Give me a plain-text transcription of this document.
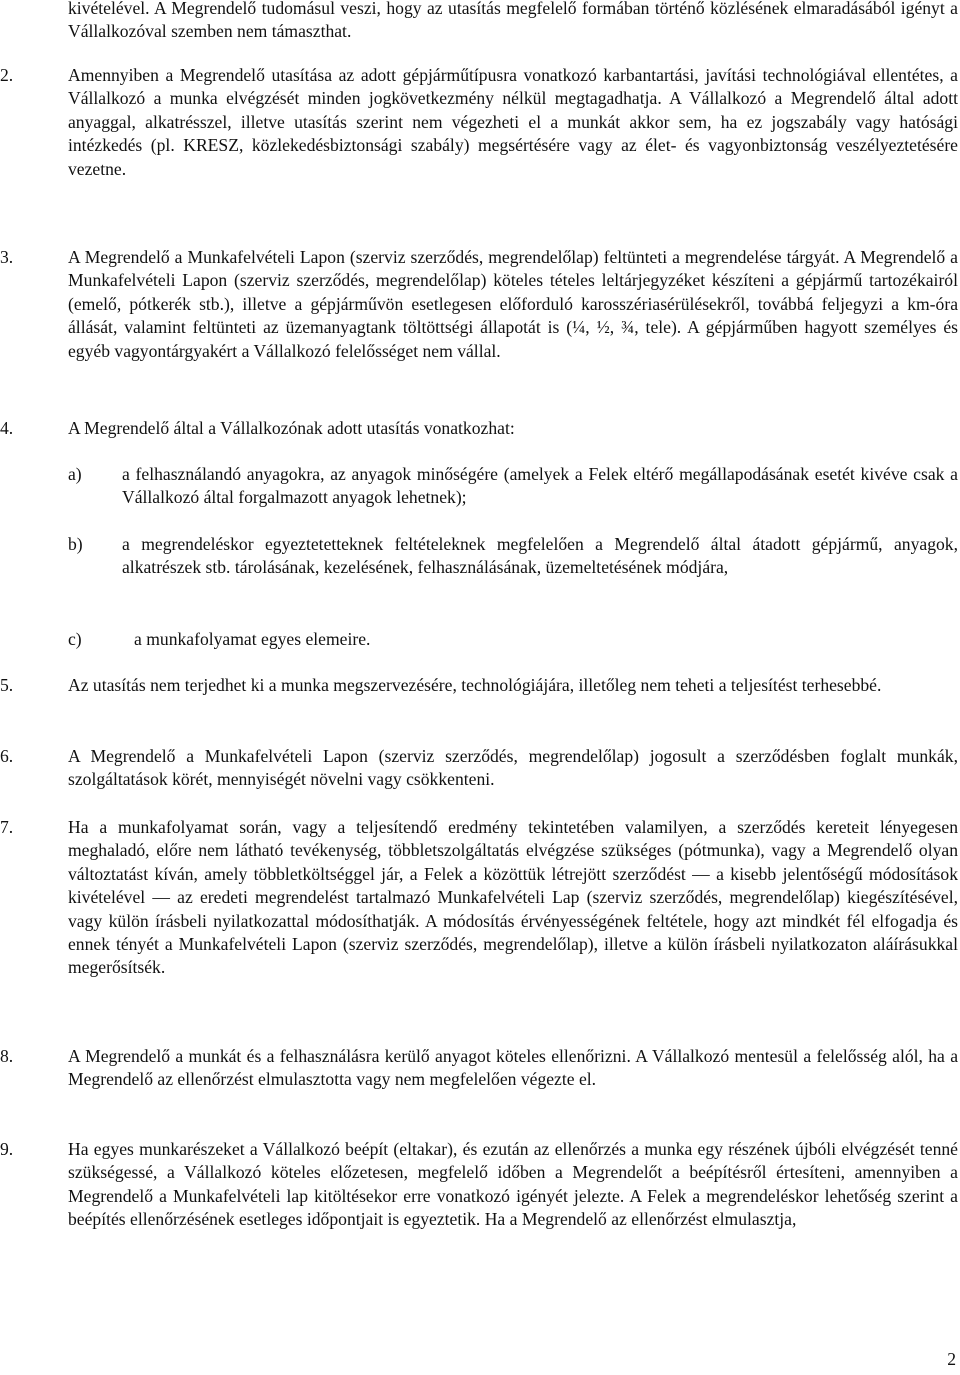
kivételével. A Megrendelő tudomásul veszi, hogy az utasítás megfelelő formában történő közlésének elmaradásából igényt a Vállalkozóval szemben nem támaszthat.
2.	Amennyiben a Megrendelő utasítása az adott gépjárműtípusra vonatkozó karbantartási, javítási technológiával ellentétes, a Vállalkozó a munka elvégzését minden jogkövetkezmény nélkül megtagadhatja. A Vállalkozó a Megrendelő által adott anyaggal, alkatrésszel, illetve utasítás szerint nem végezheti el a munkát akkor sem, ha ez jogszabály vagy hatósági intézkedés (pl. KRESZ, közlekedésbiztonsági szabály) megsértésére vagy az élet- és vagyonbiztonság veszélyeztetésére vezetne.
3.	A Megrendelő a Munkafelvételi Lapon (szerviz szerződés, megrendelőlap) feltünteti a megrendelése tárgyát. A Megrendelő a Munkafelvételi Lapon (szerviz szerződés, megrendelőlap) köteles tételes leltárjegyzéket készíteni a gépjármű tartozékairól (emelő, pótkerék stb.), illetve a gépjárművön esetlegesen előforduló karosszériasérülésekről, továbbá feljegyzi a km-óra állását, valamint feltünteti az üzemanyagtank töltöttségi állapotát is (¼, ½, ¾, tele). A gépjárműben hagyott személyes és egyéb vagyontárgyakért a Vállalkozó felelősséget nem vállal.
4.	A Megrendelő által a Vállalkozónak adott utasítás vonatkozhat:
a)	a felhasználandó anyagokra, az anyagok minőségére (amelyek a Felek eltérő megállapodásának esetét kivéve csak a Vállalkozó által forgalmazott anyagok lehetnek);
b)	a megrendeléskor egyeztetetteknek feltételeknek megfelelően a Megrendelő által átadott gépjármű, anyagok, alkatrészek stb. tárolásának, kezelésének, felhasználásának, üzemeltetésének módjára,
c)	a munkafolyamat egyes elemeire.
5.	Az utasítás nem terjedhet ki a munka megszervezésére, technológiájára, illetőleg nem teheti a teljesítést terhesebbé.
6.	A Megrendelő a Munkafelvételi Lapon (szerviz szerződés, megrendelőlap) jogosult a szerződésben foglalt munkák, szolgáltatások körét, mennyiségét növelni vagy csökkenteni.
7.	Ha a munkafolyamat során, vagy a teljesítendő eredmény tekintetében valamilyen, a szerződés kereteit lényegesen meghaladó, előre nem látható tevékenység, többletszolgáltatás elvégzése szükséges (pótmunka), vagy a Megrendelő olyan változtatást kíván, amely többletköltséggel jár, a Felek a közöttük létrejött szerződést — a kisebb jelentőségű módosítások kivételével — az eredeti megrendelést tartalmazó Munkafelvételi Lap (szerviz szerződés, megrendelőlap) kiegészítésével, vagy külön írásbeli nyilatkozattal módosíthatják. A módosítás érvényességének feltétele, hogy azt mindkét fél elfogadja és ennek tényét a Munkafelvételi Lapon (szerviz szerződés, megrendelőlap), illetve a külön írásbeli nyilatkozaton aláírásukkal megerősítsék.
8.	A Megrendelő a munkát és a felhasználásra kerülő anyagot köteles ellenőrizni. A Vállalkozó mentesül a felelősség alól, ha a Megrendelő az ellenőrzést elmulasztotta vagy nem megfelelően végezte el.
9.	Ha egyes munkarészeket a Vállalkozó beépít (eltakar), és ezután az ellenőrzés a munka egy részének újbóli elvégzését tenné szükségessé, a Vállalkozó köteles előzetesen, megfelelő időben a Megrendelőt a beépítésről értesíteni, amennyiben a Megrendelő a Munkafelvételi lap kitöltésekor erre vonatkozó igényét jelezte. A Felek a megrendeléskor lehetőség szerint a beépítés ellenőrzésének esetleges időpontjait is egyeztetik. Ha a Megrendelő az ellenőrzést elmulasztja,
2
